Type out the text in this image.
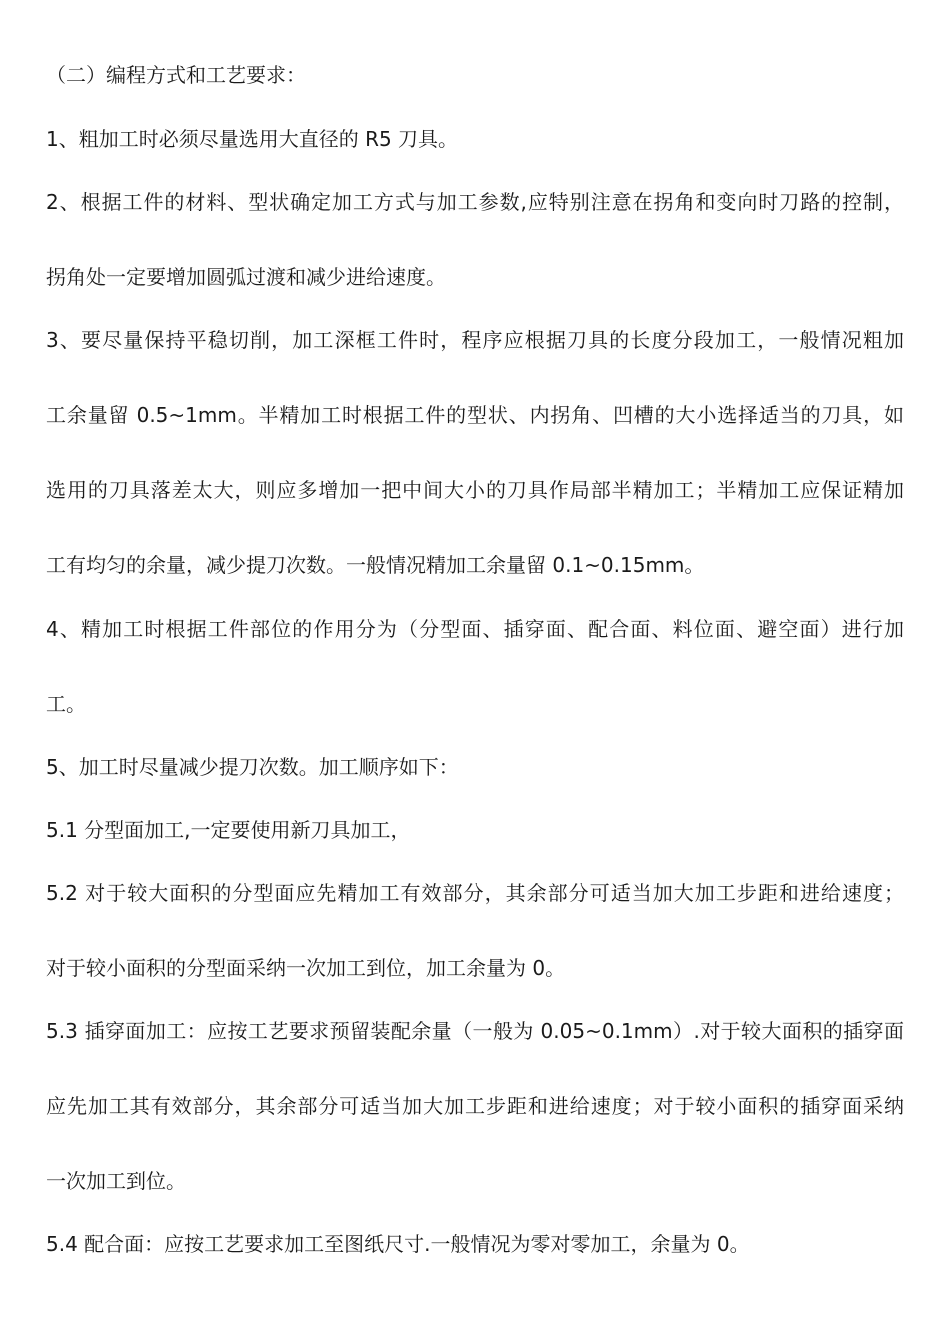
（二）编程方式和工艺要求：
1、粗加工时必须尽量选用大直径的 R5 刀具。
2、根据工件的材料、型状确定加工方式与加工参数,应特别注意在拐角和变向时刀路的控制，
拐角处一定要增加圆弧过渡和减少进给速度。
3、要尽量保持平稳切削，加工深框工件时，程序应根据刀具的长度分段加工，一般情况粗加
工余量留 0.5~1mm。半精加工时根据工件的型状、内拐角、凹槽的大小选择适当的刀具，如
选用的刀具落差太大，则应多增加一把中间大小的刀具作局部半精加工；半精加工应保证精加
工有均匀的余量，减少提刀次数。一般情况精加工余量留 0.1~0.15mm。
4、精加工时根据工件部位的作用分为（分型面、插穿面、配合面、料位面、避空面）进行加
工。
5、加工时尽量减少提刀次数。加工顺序如下：
5.1 分型面加工,一定要使用新刀具加工，
5.2 对于较大面积的分型面应先精加工有效部分，其余部分可适当加大加工步距和进给速度；
对于较小面积的分型面采纳一次加工到位，加工余量为 0。
5.3 插穿面加工：应按工艺要求预留装配余量（一般为 0.05~0.1mm）.对于较大面积的插穿面
应先加工其有效部分，其余部分可适当加大加工步距和进给速度；对于较小面积的插穿面采纳
一次加工到位。
5.4 配合面：应按工艺要求加工至图纸尺寸.一般情况为零对零加工，余量为 0。
